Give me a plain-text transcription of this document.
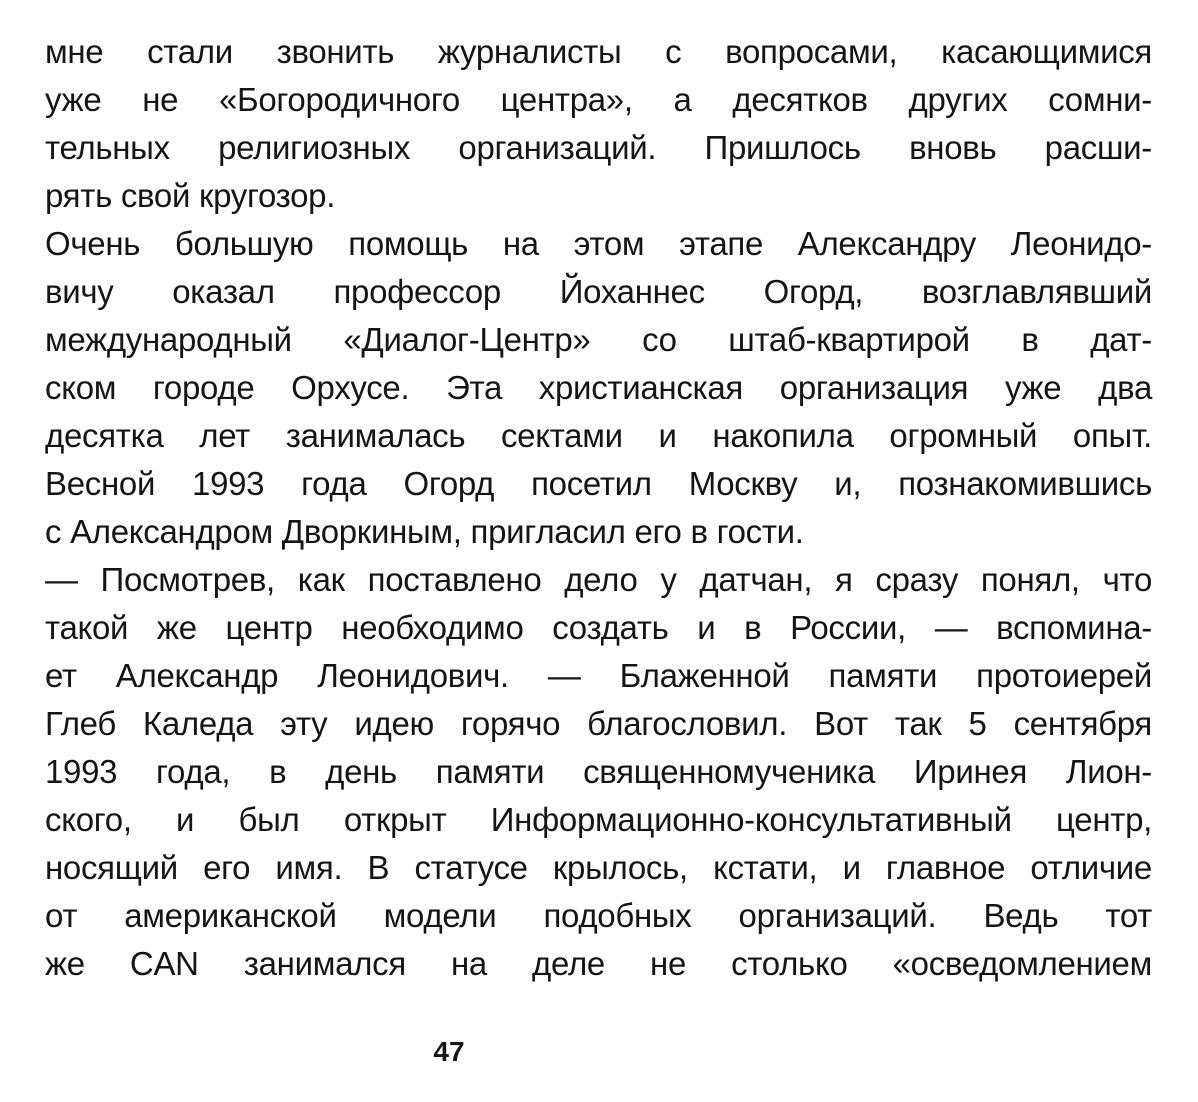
мне стали звонить журналисты с вопросами, касающимися
уже не «Богородичного центра», а десятков других сомни-
тельных религиозных организаций. Пришлось вновь расши-
рять свой кругозор.
Очень большую помощь на этом этапе Александру Леонидо-
вичу оказал профессор Йоханнес Огорд, возглавлявший
международный «Диалог-Центр» со штаб-квартирой в дат-
ском городе Орхусе. Эта христианская организация уже два
десятка лет занималась сектами и накопила огромный опыт.
Весной 1993 года Огорд посетил Москву и, познакомившись
с Александром Дворкиным, пригласил его в гости.
— Посмотрев, как поставлено дело у датчан, я сразу понял, что
такой же центр необходимо создать и в России, — вспомина-
ет Александр Леонидович. — Блаженной памяти протоиерей
Глеб Каледа эту идею горячо благословил. Вот так 5 сентября
1993 года, в день памяти священномученика Иринея Лион-
ского, и был открыт Информационно-консультативный центр,
носящий его имя. В статусе крылось, кстати, и главное отличие
от американской модели подобных организаций. Ведь тот
же CAN занимался на деле не столько «осведомлением
47
